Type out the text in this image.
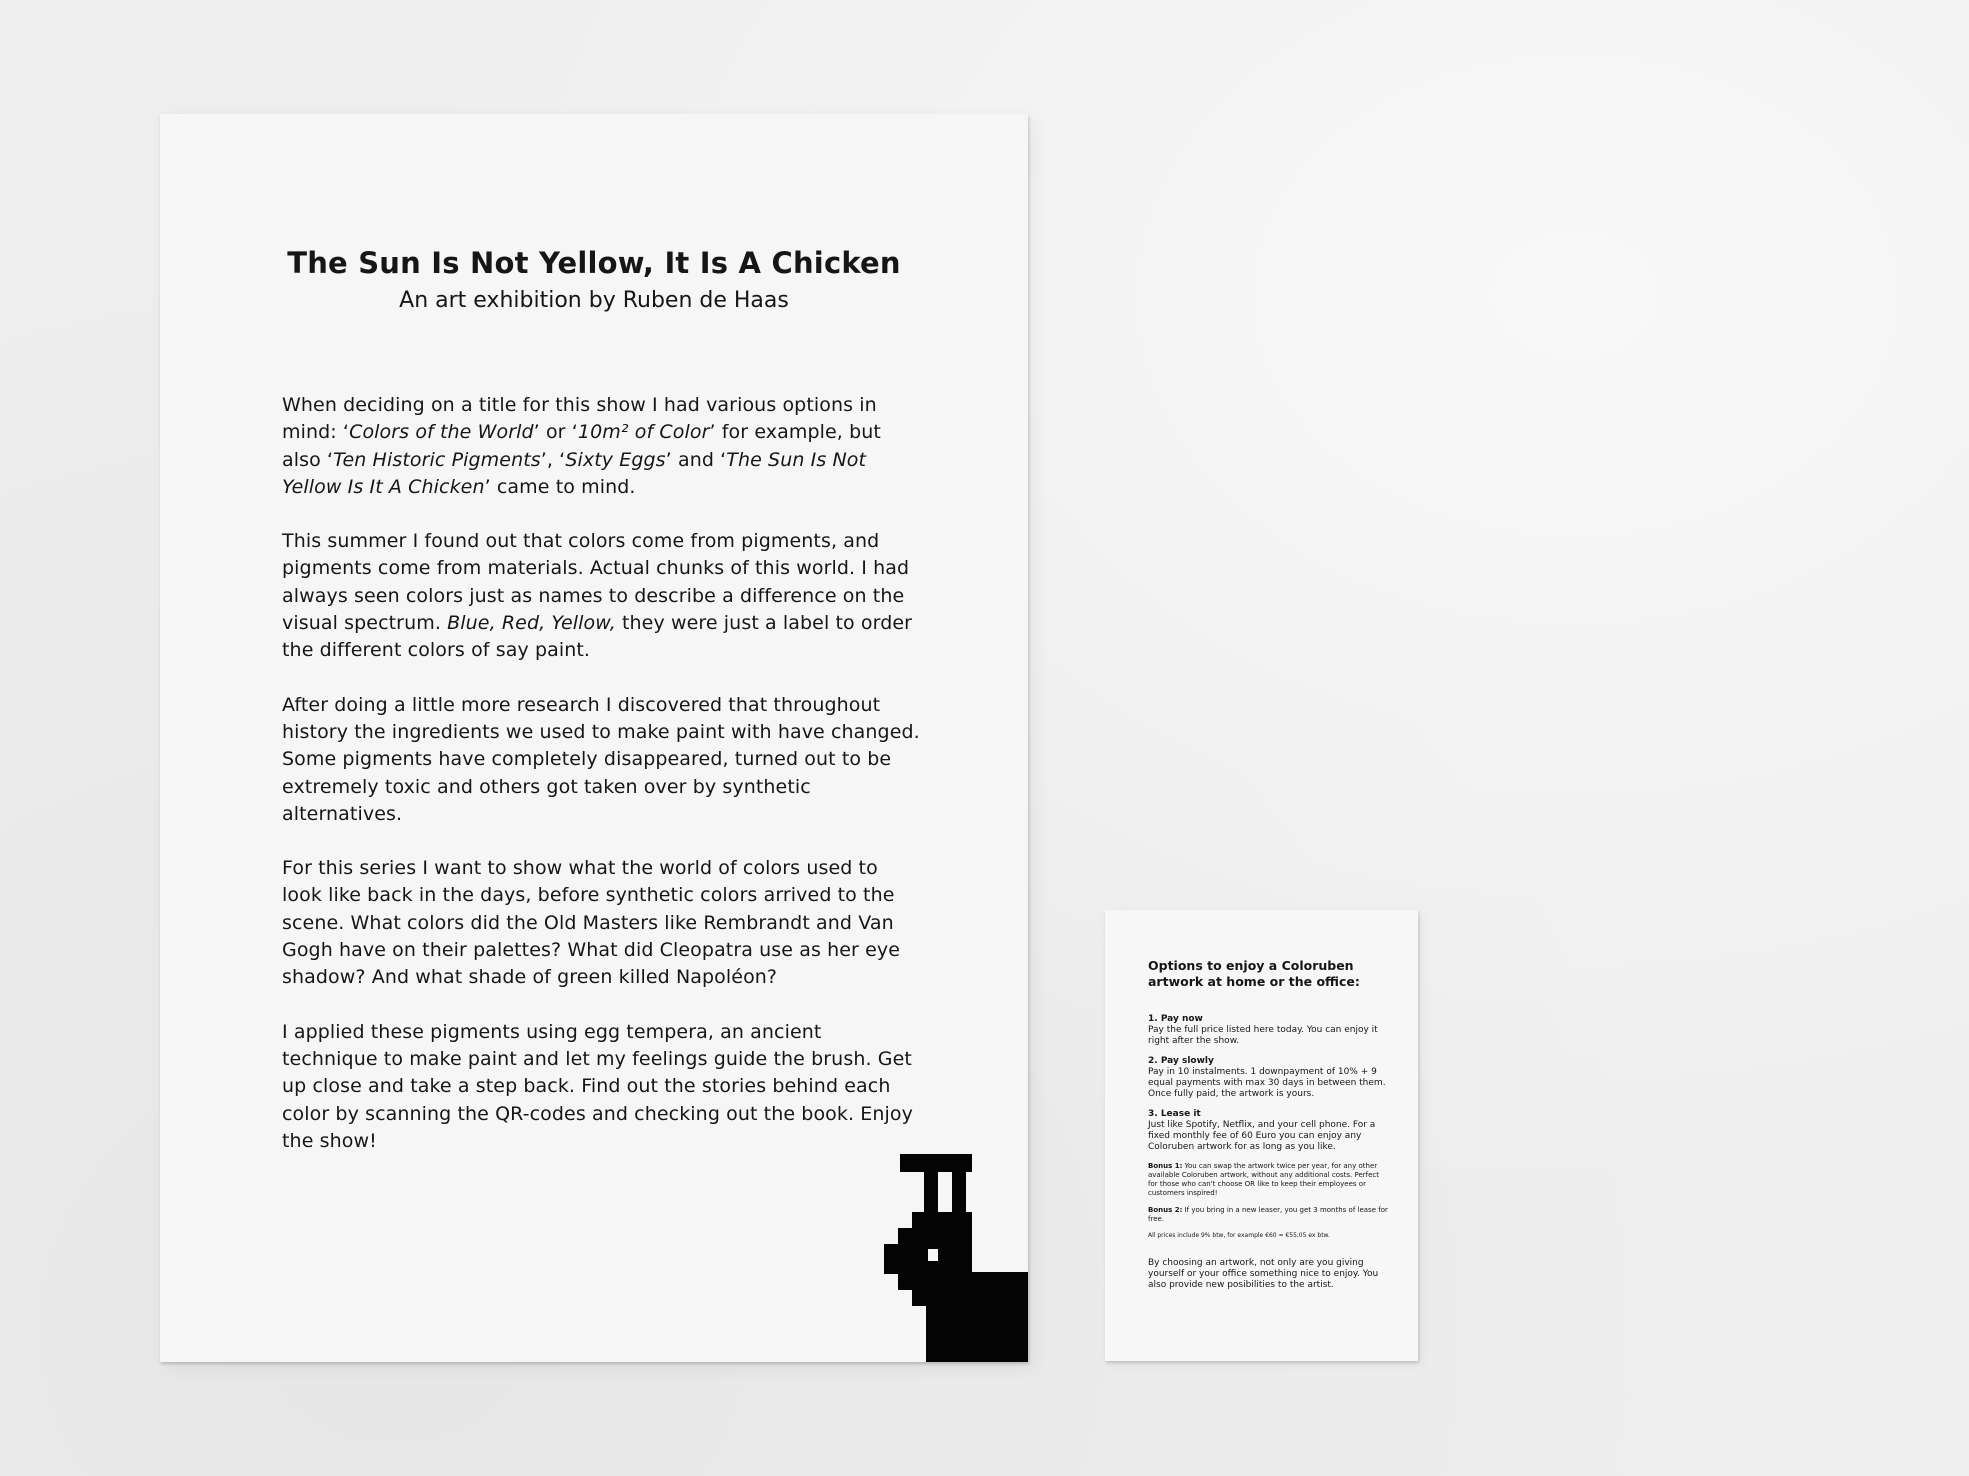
The Sun Is Not Yellow, It Is A Chicken
An art exhibition by Ruben de Haas

When deciding on a title for this show I had various options in mind: ‘Colors of the World’ or ‘10m² of Color’ for example, but also ‘Ten Historic Pigments’, ‘Sixty Eggs’ and ‘The Sun Is Not Yellow Is It A Chicken’ came to mind.

This summer I found out that colors come from pigments, and pigments come from materials. Actual chunks of this world. I had always seen colors just as names to describe a difference on the visual spectrum. Blue, Red, Yellow, they were just a label to order the different colors of say paint.

After doing a little more research I discovered that throughout history the ingredients we used to make paint with have changed. Some pigments have completely disappeared, turned out to be extremely toxic and others got taken over by synthetic alternatives.

For this series I want to show what the world of colors used to look like back in the days, before synthetic colors arrived to the scene. What colors did the Old Masters like Rembrandt and Van Gogh have on their palettes? What did Cleopatra use as her eye shadow? And what shade of green killed Napoléon?

I applied these pigments using egg tempera, an ancient technique to make paint and let my feelings guide the brush. Get up close and take a step back. Find out the stories behind each color by scanning the QR-codes and checking out the book. Enjoy the show!

Options to enjoy a Coloruben artwork at home or the office:
1. Pay now
Pay the full price listed here today. You can enjoy it right after the show.
2. Pay slowly
Pay in 10 instalments. 1 downpayment of 10% + 9 equal payments with max 30 days in between them. Once fully paid, the artwork is yours.
3. Lease it
Just like Spotify, Netflix, and your cell phone. For a fixed monthly fee of 60 Euro you can enjoy any Coloruben artwork for as long as you like.
Bonus 1: You can swap the artwork twice per year, for any other available Coloruben artwork, without any additional costs. Perfect for those who can't choose OR like to keep their employees or customers inspired!
Bonus 2: If you bring in a new leaser, you get 3 months of lease for free.
All prices include 9% btw, for example €60 = €55,05 ex btw.
By choosing an artwork, not only are you giving yourself or your office something nice to enjoy. You also provide new posibilities to the artist.
